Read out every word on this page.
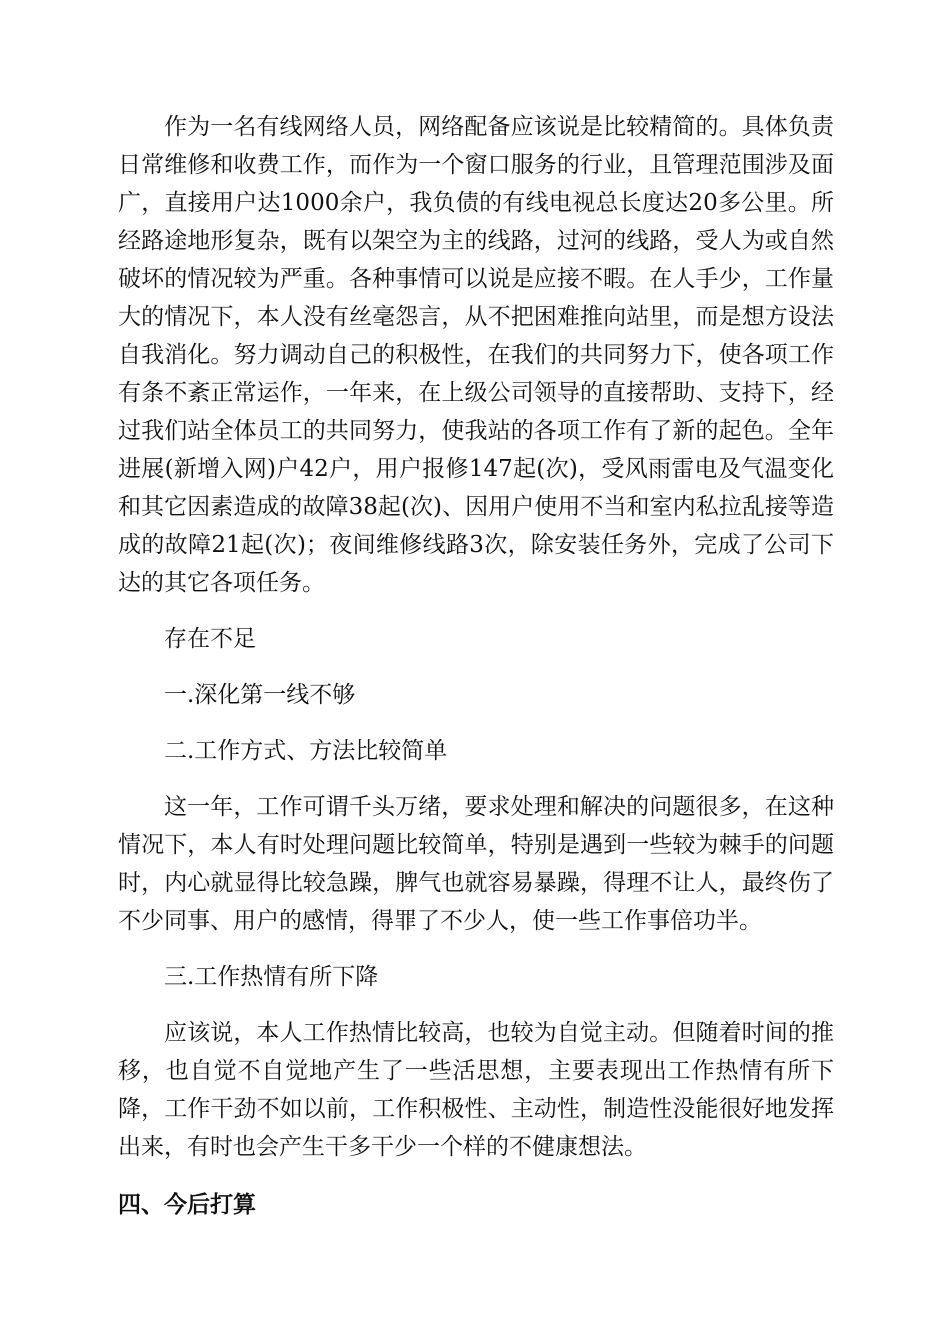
作为一名有线网络人员，网络配备应该说是比较精简的。具体负责日常维修和收费工作，而作为一个窗口服务的行业，且管理范围涉及面广，直接用户达1000余户，我负债的有线电视总长度达20多公里。所经路途地形复杂，既有以架空为主的线路，过河的线路，受人为或自然破坏的情况较为严重。各种事情可以说是应接不暇。在人手少，工作量大的情况下，本人没有丝毫怨言，从不把困难推向站里，而是想方设法自我消化。努力调动自己的积极性，在我们的共同努力下，使各项工作有条不紊正常运作，一年来，在上级公司领导的直接帮助、支持下，经过我们站全体员工的共同努力，使我站的各项工作有了新的起色。全年进展(新增入网)户42户，用户报修147起(次)，受风雨雷电及气温变化和其它因素造成的故障38起(次)、因用户使用不当和室内私拉乱接等造成的故障21起(次)；夜间维修线路3次，除安装任务外，完成了公司下达的其它各项任务。

存在不足

一.深化第一线不够

二.工作方式、方法比较简单

这一年，工作可谓千头万绪，要求处理和解决的问题很多，在这种情况下，本人有时处理问题比较简单，特别是遇到一些较为棘手的问题时，内心就显得比较急躁，脾气也就容易暴躁，得理不让人，最终伤了不少同事、用户的感情，得罪了不少人，使一些工作事倍功半。

三.工作热情有所下降

应该说，本人工作热情比较高，也较为自觉主动。但随着时间的推移，也自觉不自觉地产生了一些活思想，主要表现出工作热情有所下降，工作干劲不如以前，工作积极性、主动性，制造性没能很好地发挥出来，有时也会产生干多干少一个样的不健康想法。

四、今后打算
